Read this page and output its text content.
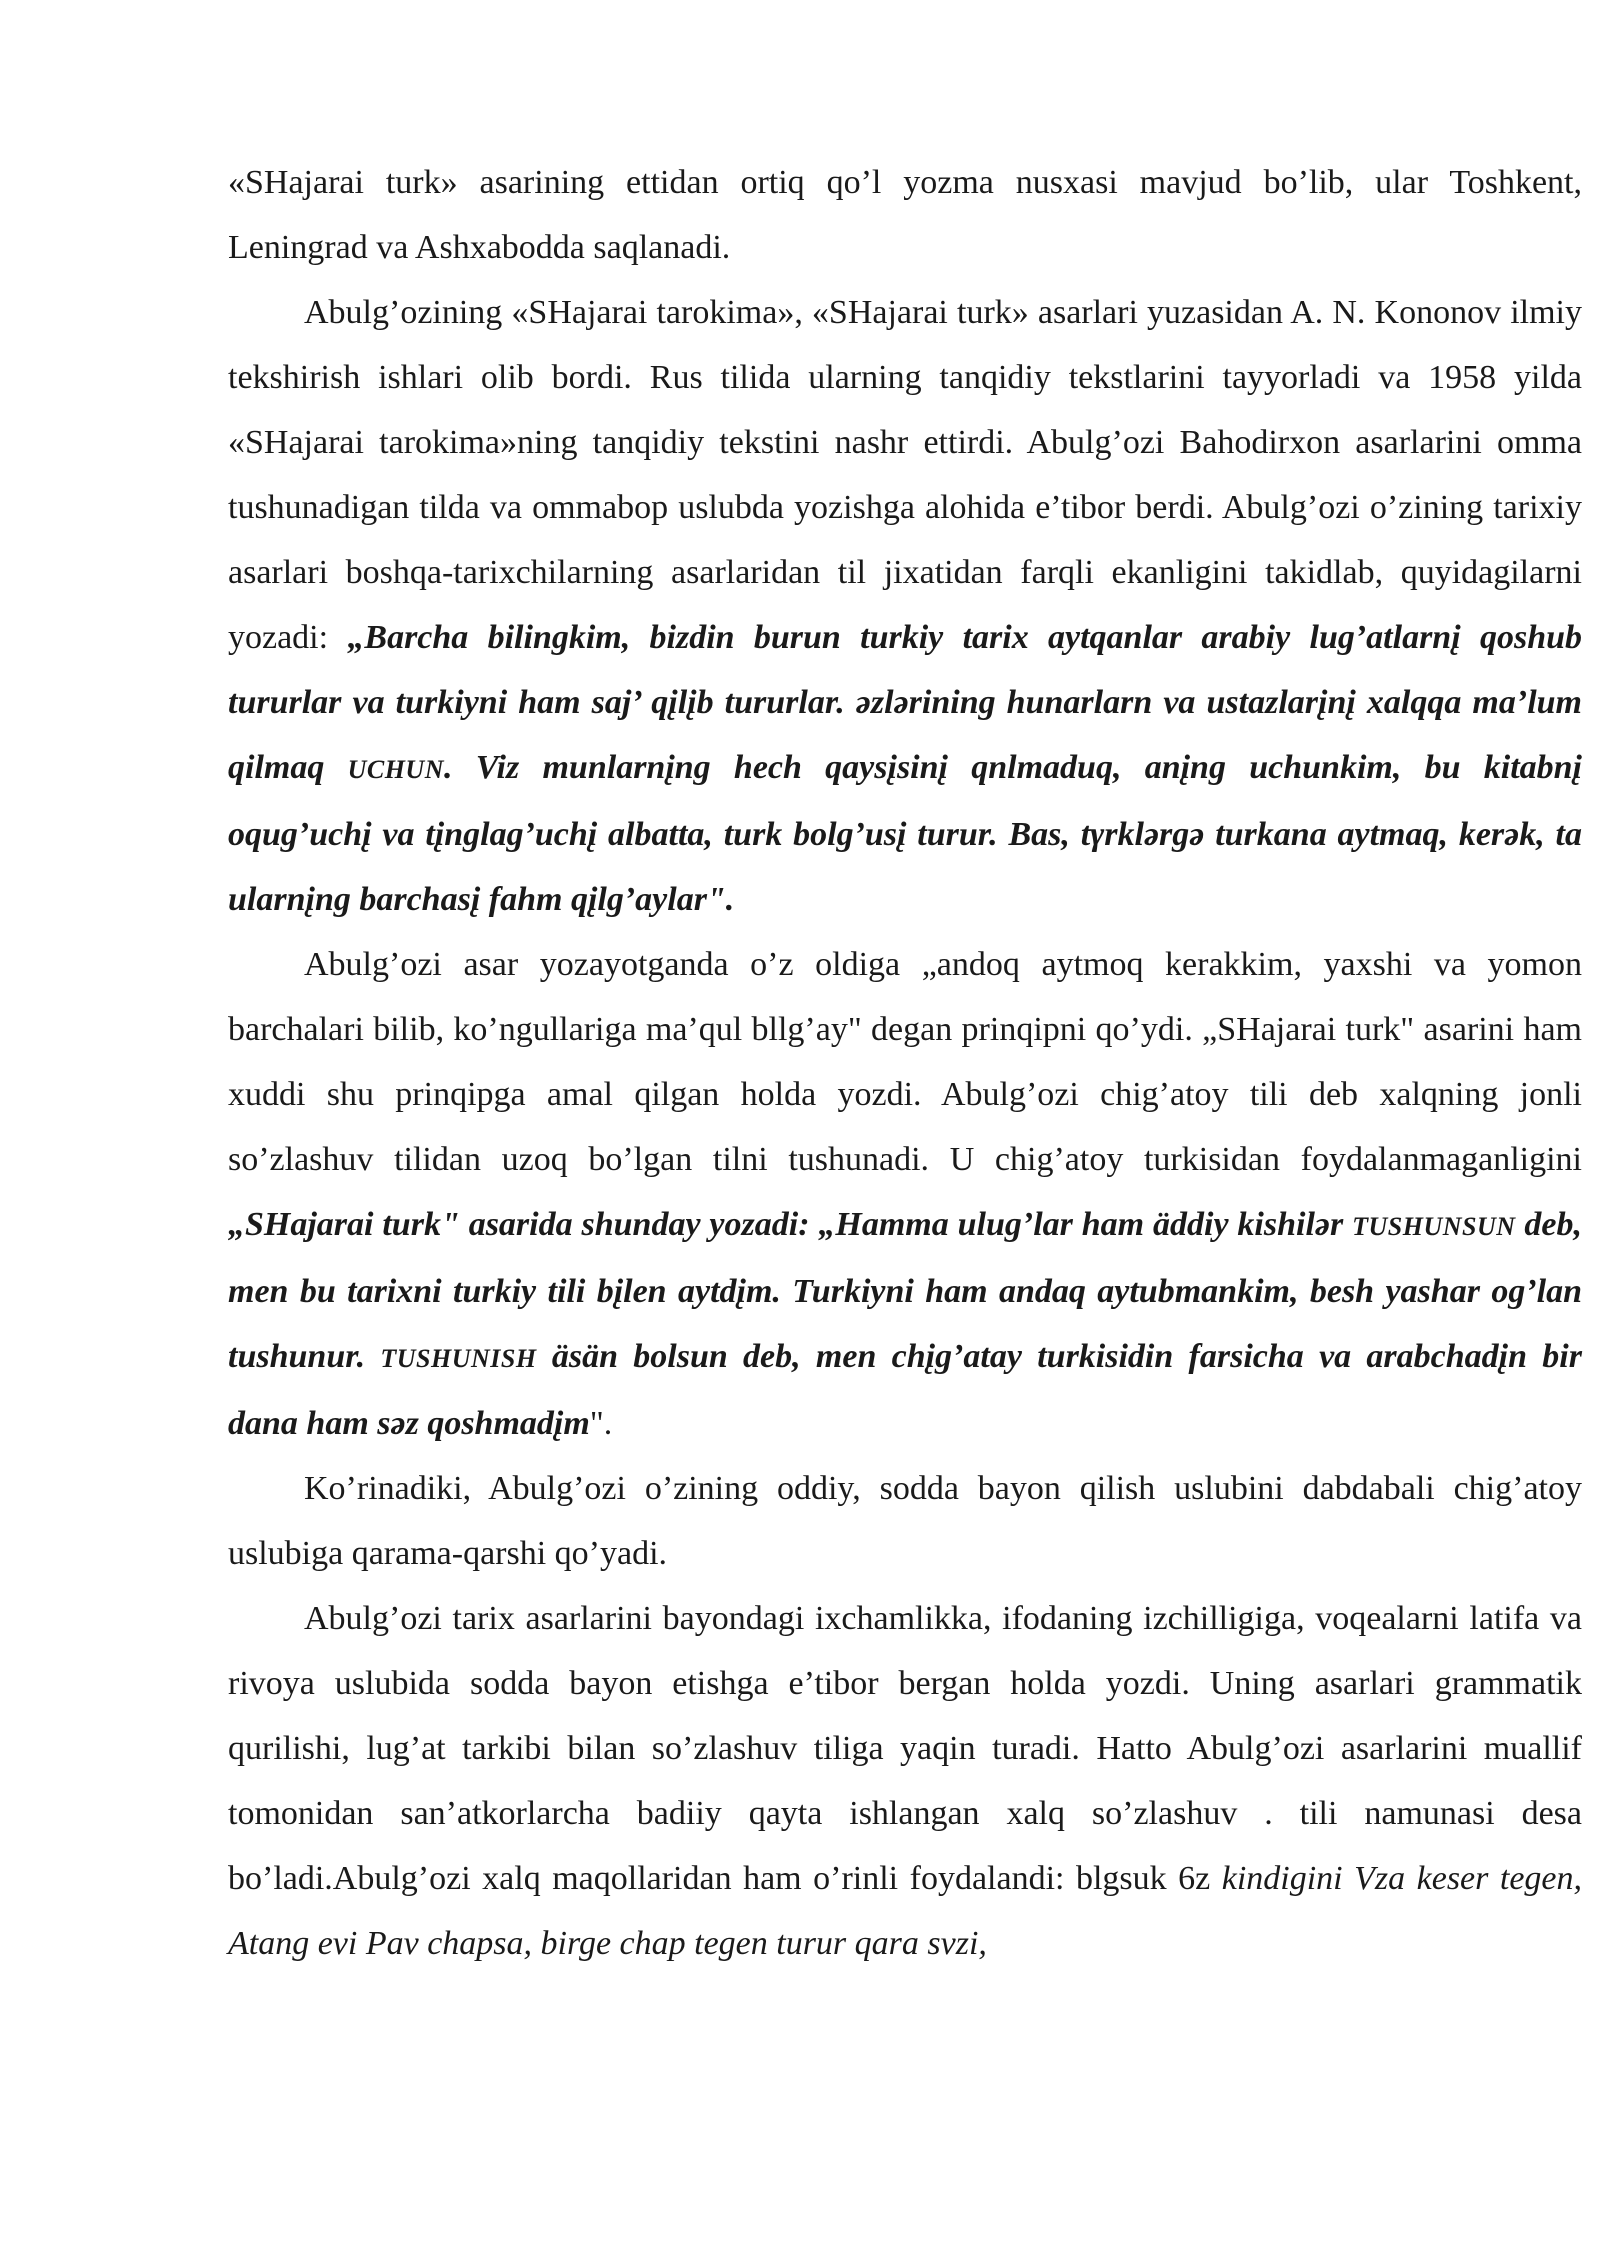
«SHajarai turk» asarining ettidan ortiq qo’l yozma nusxasi mavjud bo’lib, ular Toshkent, Leningrad va Ashxabodda saqlanadi.

Abulg’ozining «SHajarai tarokima», «SHajarai turk» asarlari yuzasidan A. N. Kononov ilmiy tekshirish ishlari olib bordi. Rus tilida ularning tanqidiy tekstlarini tayyorladi va 1958 yilda «SHajarai tarokima»ning tanqidiy tekstini nashr ettirdi. Abulg’ozi Bahodirxon asarlarini omma tushunadigan tilda va ommabop uslubda yozishga alohida e’tibor berdi. Abulg’ozi o’zining tarixiy asarlari boshqa-tarixchilarning asarlaridan til jixatidan farqli ekanligini takidlab, quyidagilarni yozadi: „Barcha bilingkim, bizdin burun turkiy tarix aytqanlar arabiy lug’atlarnį qoshub tururlar va turkiyni ham saj’ qįlįb tururlar. əzlərining hunarlarn va ustazlarįnį xalqqa ma’lum qilmaq UCHUN. Viz munlarnįng hech qaysįsinį qnlmaduq, anįng uchunkim, bu kitabnį oqug’uchį va tįnglag’uchį albatta, turk bolg’usį turur. Bas, tγrklərgə turkana aytmaq, kerək, ta ularnįng barchasį fahm qįlg’aylar".

Abulg’ozi asar yozayotganda o’z oldiga „andoq aytmoq kerakkim, yaxshi va yomon barchalari bilib, ko’ngullariga ma’qul bllg’ay" degan prinqipni qo’ydi. „SHajarai turk" asarini ham xuddi shu prinqipga amal qilgan holda yozdi. Abulg’ozi chig’atoy tili deb xalqning jonli so’zlashuv tilidan uzoq bo’lgan tilni tushunadi. U chig’atoy turkisidan foydalanmaganligini „SHajarai turk" asarida shunday yozadi: „Hamma ulug’lar ham äddiy kishilər TUSHUNSUN deb, men bu tarixni turkiy tili bįlen aytdįm. Turkiyni ham andaq aytubmankim, besh yashar og’lan tushunur. TUSHUNISH äsän bolsun deb, men chįg’atay turkisidin farsicha va arabchadįn bir dana ham səz qoshmadįm".

Ko’rinadiki, Abulg’ozi o’zining oddiy, sodda bayon qilish uslubini dabdabali chig’atoy uslubiga qarama-qarshi qo’yadi.

Abulg’ozi tarix asarlarini bayondagi ixchamlikka, ifodaning izchilligiga, voqealarni latifa va rivoya uslubida sodda bayon etishga e’tibor bergan holda yozdi. Uning asarlari grammatik qurilishi, lug’at tarkibi bilan so’zlashuv tiliga yaqin turadi. Hatto Abulg’ozi asarlarini muallif tomonidan san’atkorlarcha badiiy qayta ishlangan xalq so’zlashuv . tili namunasi desa bo’ladi.Abulg’ozi xalq maqollaridan ham o’rinli foydalandi: blgsuk 6z kindigini Vza keser tegen, Atang evi Pav chapsa, birge chap tegen turur qara svzi,
